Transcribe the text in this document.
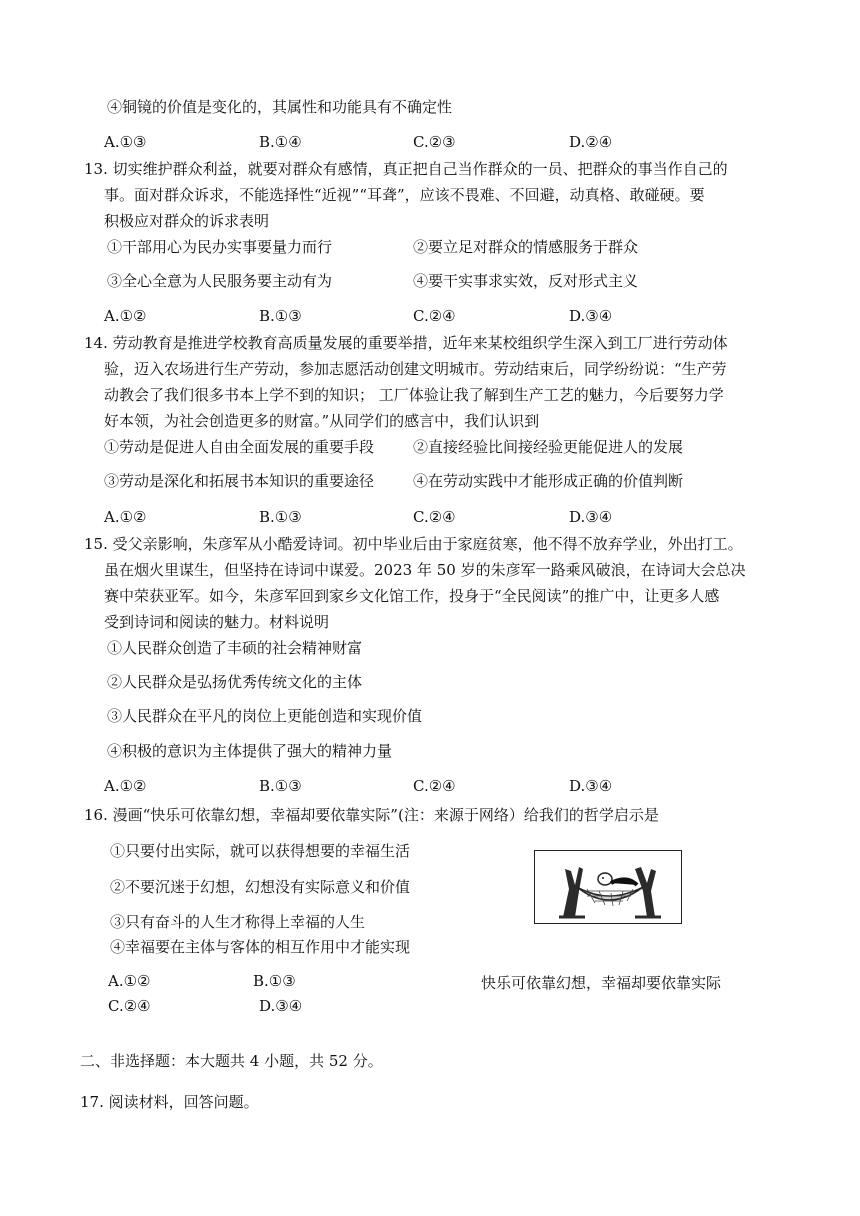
④铜镜的价值是变化的，其属性和功能具有不确定性
A.①③	B.①④	C.②③	D.②④
13. 切实维护群众利益，就要对群众有感情，真正把自己当作群众的一员、把群众的事当作自己的
事。面对群众诉求，不能选择性“近视”“耳聋”，应该不畏难、不回避，动真格、敢碰硬。要
积极应对群众的诉求表明
①干部用心为民办实事要量力而行	②要立足对群众的情感服务于群众
③全心全意为人民服务要主动有为	④要干实事求实效，反对形式主义
A.①②	B.①③	C.②④	D.③④
14. 劳动教育是推进学校教育高质量发展的重要举措，近年来某校组织学生深入到工厂进行劳动体
验，迈入农场进行生产劳动，参加志愿活动创建文明城市。劳动结束后，同学纷纷说：“生产劳
动教会了我们很多书本上学不到的知识； 工厂体验让我了解到生产工艺的魅力，今后要努力学
好本领，为社会创造更多的财富。”从同学们的感言中，我们认识到
①劳动是促进人自由全面发展的重要手段	②直接经验比间接经验更能促进人的发展
③劳动是深化和拓展书本知识的重要途径	④在劳动实践中才能形成正确的价值判断
A.①②	B.①③	C.②④	D.③④
15. 受父亲影响，朱彦军从小酷爱诗词。初中毕业后由于家庭贫寒，他不得不放弃学业，外出打工。
虽在烟火里谋生，但坚持在诗词中谋爱。2023 年 50 岁的朱彦军一路乘风破浪，在诗词大会总决
赛中荣获亚军。如今，朱彦军回到家乡文化馆工作，投身于“全民阅读”的推广中，让更多人感
受到诗词和阅读的魅力。材料说明
①人民群众创造了丰硕的社会精神财富
②人民群众是弘扬优秀传统文化的主体
③人民群众在平凡的岗位上更能创造和实现价值
④积极的意识为主体提供了强大的精神力量
A.①②	B.①③	C.②④	D.③④
16. 漫画“快乐可依靠幻想，幸福却要依靠实际”(注：来源于网络）给我们的哲学启示是
①只要付出实际，就可以获得想要的幸福生活
②不要沉迷于幻想，幻想没有实际意义和价值
③只有奋斗的人生才称得上幸福的人生
④幸福要在主体与客体的相互作用中才能实现
A.①②	B.①③	快乐可依靠幻想，幸福却要依靠实际
C.②④	D.③④
二、非选择题：本大题共 4 小题，共 52 分。
17. 阅读材料，回答问题。
